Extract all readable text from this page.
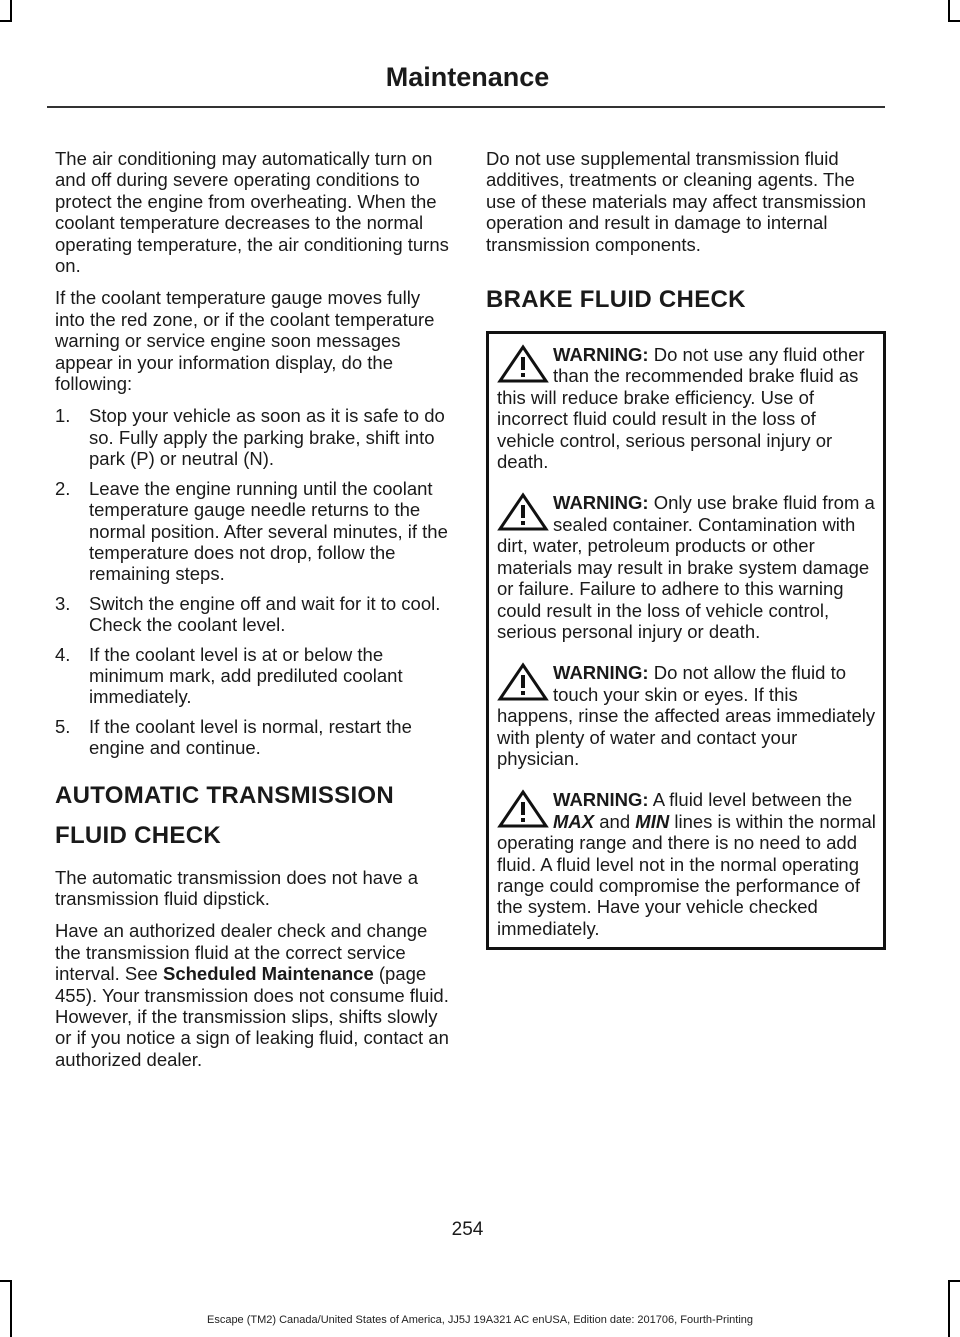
Maintenance

The air conditioning may automatically turn on and off during severe operating conditions to protect the engine from overheating. When the coolant temperature decreases to the normal operating temperature, the air conditioning turns on.

If the coolant temperature gauge moves fully into the red zone, or if the coolant temperature warning or service engine soon messages appear in your information display, do the following:

1. Stop your vehicle as soon as it is safe to do so. Fully apply the parking brake, shift into park (P) or neutral (N).
2. Leave the engine running until the coolant temperature gauge needle returns to the normal position. After several minutes, if the temperature does not drop, follow the remaining steps.
3. Switch the engine off and wait for it to cool. Check the coolant level.
4. If the coolant level is at or below the minimum mark, add prediluted coolant immediately.
5. If the coolant level is normal, restart the engine and continue.
AUTOMATIC TRANSMISSION
FLUID CHECK

The automatic transmission does not have a transmission fluid dipstick.

Have an authorized dealer check and change the transmission fluid at the correct service interval. See Scheduled Maintenance (page 455). Your transmission does not consume fluid. However, if the transmission slips, shifts slowly or if you notice a sign of leaking fluid, contact an authorized dealer.

Do not use supplemental transmission fluid additives, treatments or cleaning agents. The use of these materials may affect transmission operation and result in damage to internal transmission components.

BRAKE FLUID CHECK
WARNING: Do not use any fluid other than the recommended brake fluid as this will reduce brake efficiency. Use of incorrect fluid could result in the loss of vehicle control, serious personal injury or death.
WARNING: Only use brake fluid from a sealed container. Contamination with dirt, water, petroleum products or other materials may result in brake system damage or failure. Failure to adhere to this warning could result in the loss of vehicle control, serious personal injury or death.
WARNING: Do not allow the fluid to touch your skin or eyes. If this happens, rinse the affected areas immediately with plenty of water and contact your physician.
WARNING: A fluid level between the MAX and MIN lines is within the normal operating range and there is no need to add fluid. A fluid level not in the normal operating range could compromise the performance of the system. Have your vehicle checked immediately.
254
Escape (TM2) Canada/United States of America, JJ5J 19A321 AC enUSA, Edition date: 201706, Fourth-Printing
